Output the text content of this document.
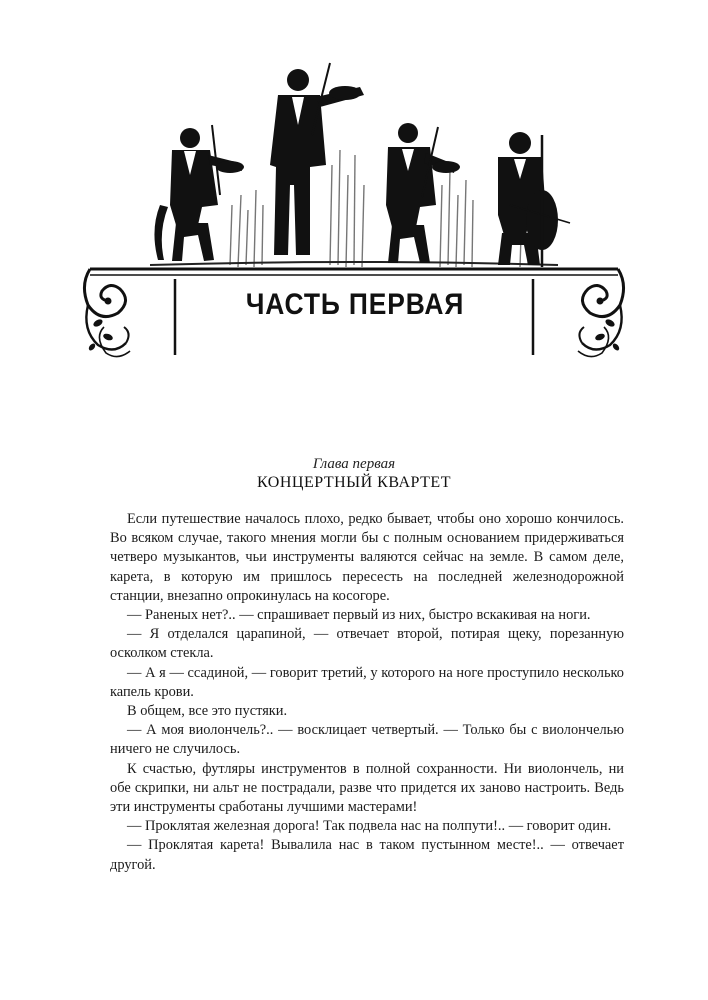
ЧАСТЬ ПЕРВАЯ
Глава первая
КОНЦЕРТНЫЙ КВАРТЕТ

Если путешествие началось плохо, редко бывает, чтобы оно хорошо кончилось. Во всяком случае, такого мнения могли бы с полным основанием придерживаться четверо музыкантов, чьи инструменты валяются сейчас на земле. В самом деле, карета, в которую им пришлось пересесть на последней железнодорожной станции, внезапно опрокинулась на косогоре.

— Раненых нет?.. — спрашивает первый из них, быстро вскакивая на ноги.

— Я отделался царапиной, — отвечает второй, потирая щеку, порезанную осколком стекла.

— А я — ссадиной, — говорит третий, у которого на ноге проступило несколько капель крови.

В общем, все это пустяки.

— А моя виолончель?.. — восклицает четвертый. — Только бы с виолончелью ничего не случилось.

К счастью, футляры инструментов в полной сохранности. Ни виолончель, ни обе скрипки, ни альт не пострадали, разве что придется их заново настроить. Ведь эти инструменты сработаны лучшими мастерами!

— Проклятая железная дорога! Так подвела нас на полпути!.. — говорит один.

— Проклятая карета! Вывалила нас в таком пустынном месте!.. — отвечает другой.
